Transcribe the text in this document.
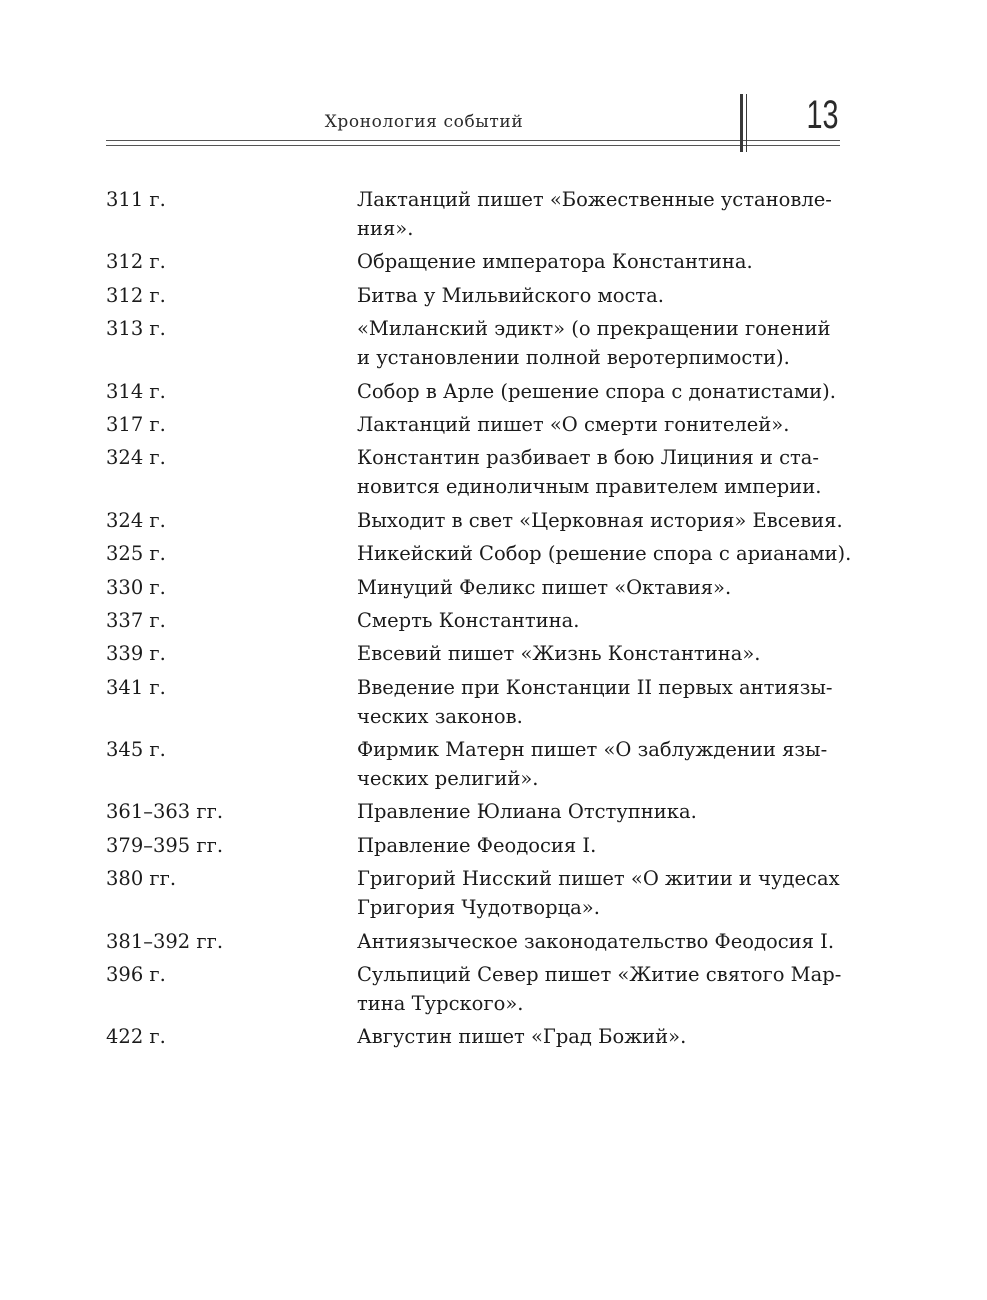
Хронология событий	13
311 г.	Лактанций пишет «Божественные установле-
ния».
312 г.	Обращение императора Константина.
312 г.	Битва у Мильвийского моста.
313 г.	«Миланский эдикт» (о прекращении гонений
и установлении полной веротерпимости).
314 г.	Собор в Арле (решение спора с донатистами).
317 г.	Лактанций пишет «О смерти гонителей».
324 г.	Константин разбивает в бою Лициния и ста-
новится единоличным правителем империи.
324 г.	Выходит в свет «Церковная история» Евсевия.
325 г.	Никейский Собор (решение спора с арианами).
330 г.	Минуций Феликс пишет «Октавия».
337 г.	Смерть Константина.
339 г.	Евсевий пишет «Жизнь Константина».
341 г.	Введение при Констанции II первых антиязы-
ческих законов.
345 г.	Фирмик Матерн пишет «О заблуждении язы-
ческих религий».
361–363 гг.	Правление Юлиана Отступника.
379–395 гг.	Правление Феодосия I.
380 гг.	Григорий Нисский пишет «О житии и чудесах
Григория Чудотворца».
381–392 гг.	Антиязыческое законодательство Феодосия I.
396 г.	Сульпиций Север пишет «Житие святого Мар-
тина Турского».
422 г.	Августин пишет «Град Божий».
